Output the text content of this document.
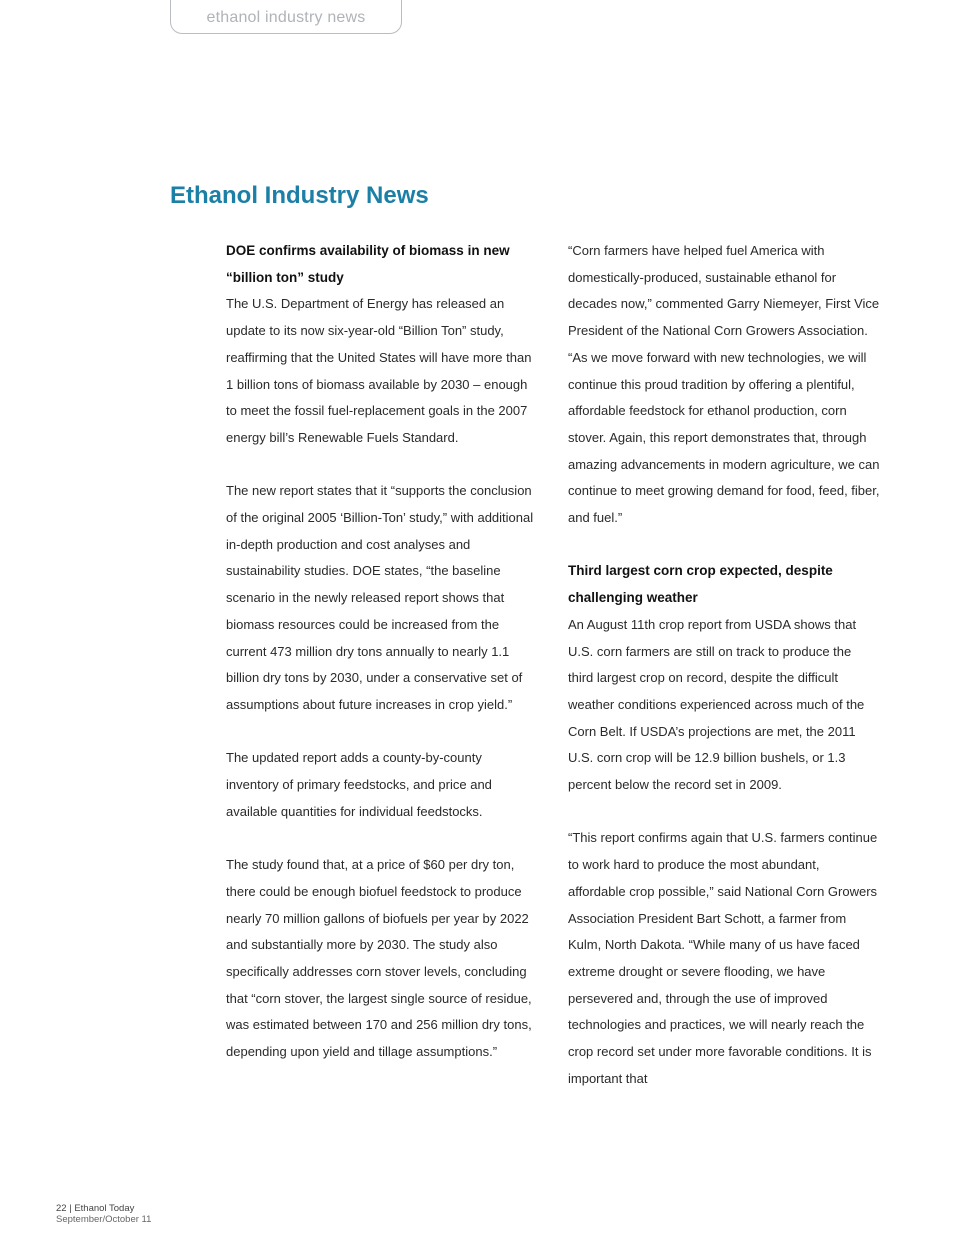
ethanol industry news
Ethanol Industry News
DOE confirms availability of biomass in new “billion ton” study

The U.S. Department of Energy has released an update to its now six-year-old “Billion Ton” study, reaffirming that the United States will have more than 1 billion tons of biomass available by 2030 – enough to meet the fossil fuel-replacement goals in the 2007 energy bill’s Renewable Fuels Standard.

The new report states that it “supports the conclusion of the original 2005 ‘Billion-Ton’ study,” with additional in-depth production and cost analyses and sustainability studies. DOE states, “the baseline scenario in the newly released report shows that biomass resources could be increased from the current 473 million dry tons annually to nearly 1.1 billion dry tons by 2030, under a conservative set of assumptions about future increases in crop yield.”

The updated report adds a county-by-county inventory of primary feedstocks, and price and available quantities for individual feedstocks.

The study found that, at a price of $60 per dry ton, there could be enough biofuel feedstock to produce nearly 70 million gallons of biofuels per year by 2022 and substantially more by 2030. The study also specifically addresses corn stover levels, concluding that “corn stover, the largest single source of residue, was estimated between 170 and 256 million dry tons, depending upon yield and tillage assumptions.”

“Corn farmers have helped fuel America with domestically-produced, sustainable ethanol for decades now,” commented Garry Niemeyer, First Vice President of the National Corn Growers Association. “As we move forward with new technologies, we will continue this proud tradition by offering a plentiful, affordable feedstock for ethanol production, corn stover. Again, this report demonstrates that, through amazing advancements in modern agriculture, we can continue to meet growing demand for food, feed, fiber, and fuel.”

Third largest corn crop expected, despite challenging weather

An August 11th crop report from USDA shows that U.S. corn farmers are still on track to produce the third largest crop on record, despite the difficult weather conditions experienced across much of the Corn Belt. If USDA’s projections are met, the 2011 U.S. corn crop will be 12.9 billion bushels, or 1.3 percent below the record set in 2009.

“This report confirms again that U.S. farmers continue to work hard to produce the most abundant, affordable crop possible,” said National Corn Growers Association President Bart Schott, a farmer from Kulm, North Dakota. “While many of us have faced extreme drought or severe flooding, we have persevered and, through the use of improved technologies and practices, we will nearly reach the crop record set under more favorable conditions. It is important that

22 | Ethanol Today
September/October 11
